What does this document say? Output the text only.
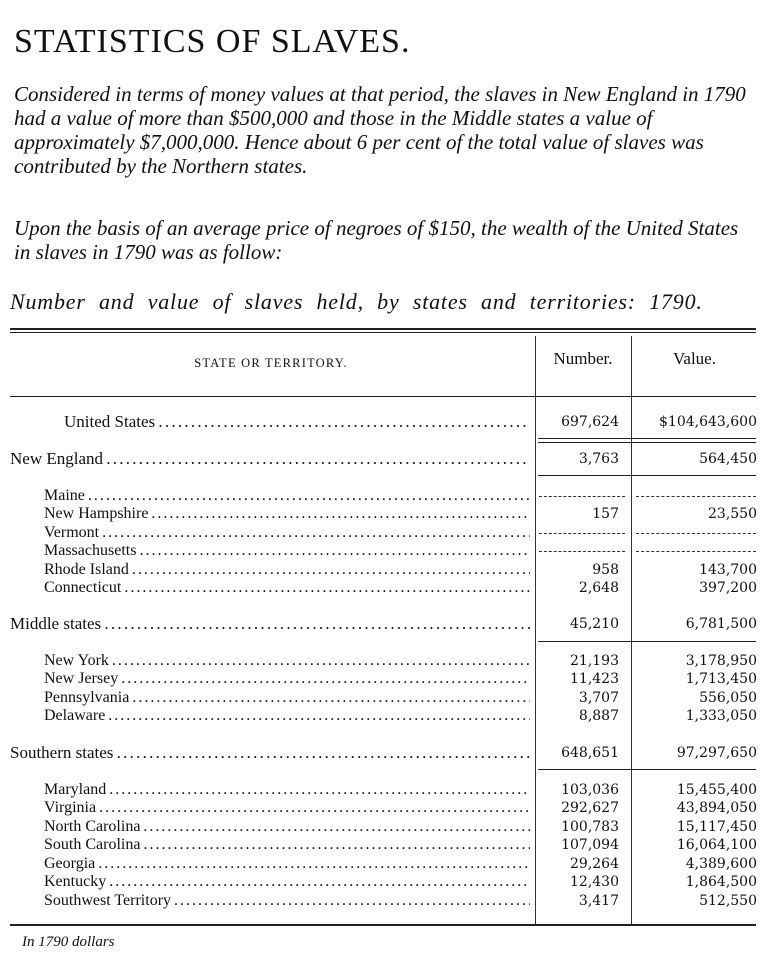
STATISTICS OF SLAVES.

Considered in terms of money values at that period, the slaves in New England in 1790 had a value of more than $500,000 and those in the Middle states a value of approximately $7,000,000. Hence about 6 per cent of the total value of slaves was contributed by the Northern states.

Upon the basis of an average price of negroes of $150, the wealth of the United States in slaves in 1790 was as follow:

Number and value of slaves held, by states and territories: 1790.
STATE OR TERRITORY.	Number.	Value.
United States . . .	697,624	$104,643,600
New England . . .	3,763	564,450
Maine . . .
New Hampshire . . .	157	23,550
Vermont . . .
Massachusetts . . .
Rhode Island . . .	958	143,700
Connecticut . . .	2,648	397,200
Middle states . . .	45,210	6,781,500
New York . . .	21,193	3,178,950
New Jersey . . .	11,423	1,713,450
Pennsylvania . . .	3,707	556,050
Delaware . . .	8,887	1,333,050
Southern states . . .	648,651	97,297,650
Maryland . . .	103,036	15,455,400
Virginia . . .	292,627	43,894,050
North Carolina . . .	100,783	15,117,450
South Carolina . . .	107,094	16,064,100
Georgia . . .	29,264	4,389,600
Kentucky . . .	12,430	1,864,500
Southwest Territory . . .	3,417	512,550
In 1790 dollars
